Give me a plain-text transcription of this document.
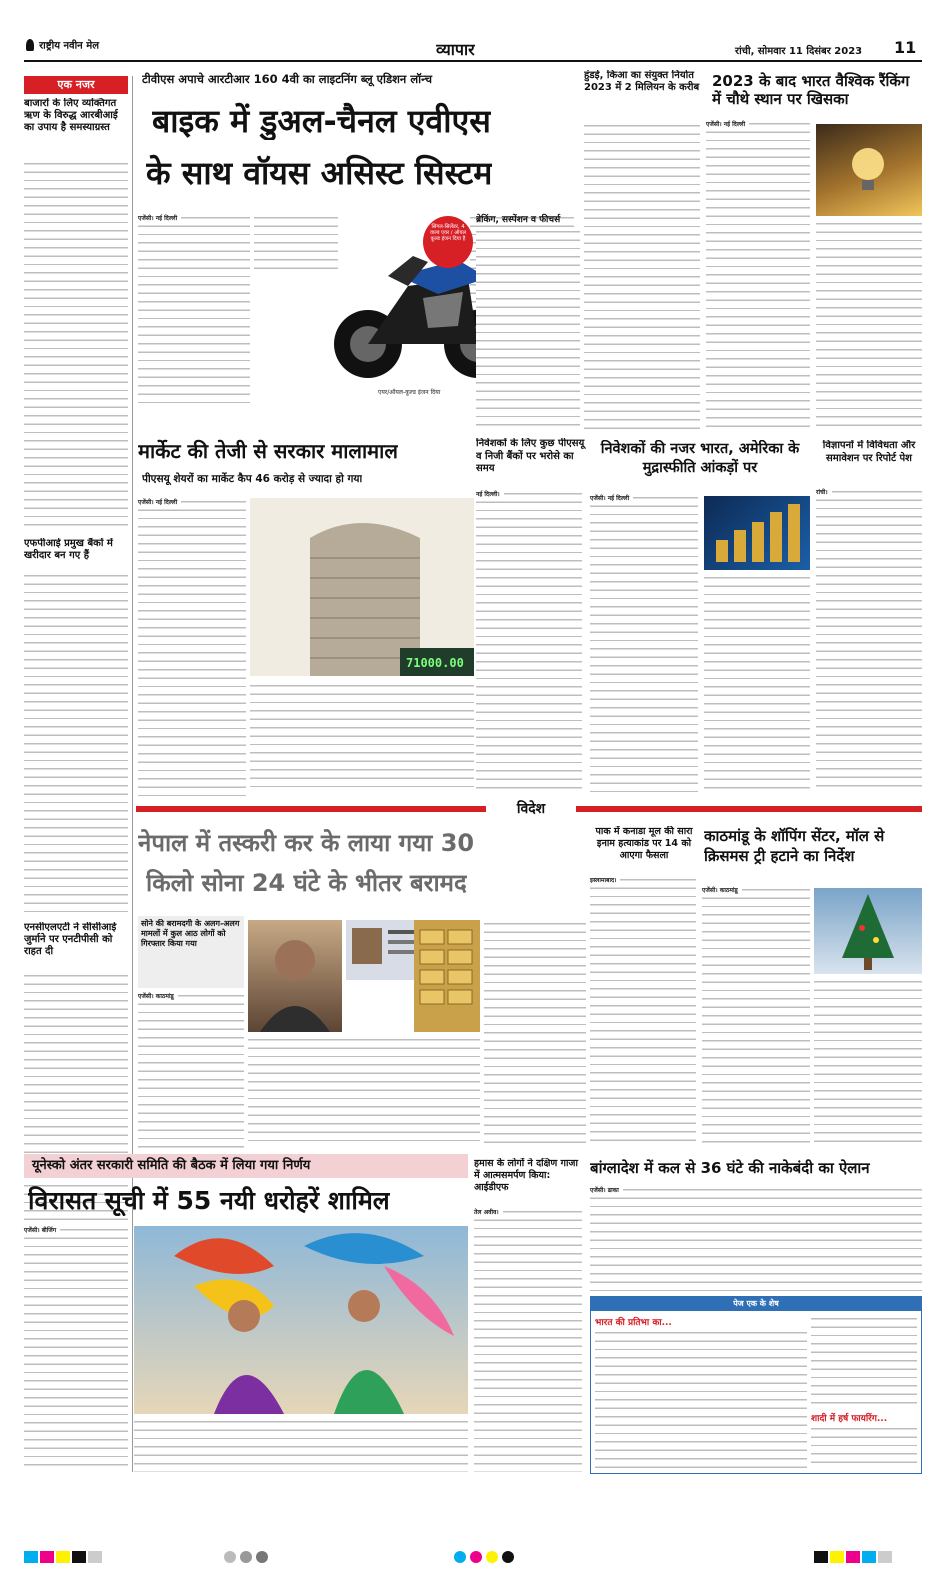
राष्ट्रीय नवीन मेल	व्यापार	रांची, सोमवार 11 दिसंबर 2023 11
एक नजर
बाजारों के लिए व्यक्तिगत ऋण के विरुद्ध आरबीआई का उपाय है समस्याग्रस्त
एफपीआई प्रमुख बैंकों में खरीदार बन गए हैं
एनसीएलएटी ने सीसीआई जुर्माने पर एनटीपीसी को राहत दी
टीवीएस अपाचे आरटीआर 160 4वी का लाइटनिंग ब्लू एडिशन लॉन्च
बाइक में डुअल-चैनल एवीएस
के साथ वॉयस असिस्ट सिस्टम
एजेंसी। नई दिल्ली
सिंगल-सिलेंडर, 4 वाल्व एयर / ऑयल कूल्ड इंजन दिया है
एयर/ऑयल-कूल्ड इंजन दिया
हुंडई, किआ का संयुक्त निर्यात 2023 में 2 मिलियन के करीब
ब्रेकिंग, सस्पेंशन व फीचर्स
2023 के बाद भारत वैश्विक रैंकिंग में चौथे स्थान पर खिसका
एजेंसी। नई दिल्ली
मार्केट की तेजी से सरकार मालामाल
पीएसयू शेयरों का मार्केट कैप 46 करोड़ से ज्यादा हो गया
एजेंसी। नई दिल्ली
71000.00
निवेशकों के लिए कुछ पीएसयू व निजी बैंकों पर भरोसे का समय
नई दिल्ली।
निवेशकों की नजर भारत, अमेरिका के मुद्रास्फीति आंकड़ों पर
एजेंसी। नई दिल्ली
विज्ञापनों में विविधता और समावेशन पर रिपोर्ट पेश
रांची।
विदेश
नेपाल में तस्करी कर के लाया गया 30
किलो सोना 24 घंटे के भीतर बरामद
सोने की बरामदगी के अलग-अलग मामलों में कुल आठ लोगों को गिरफ्तार किया गया
एजेंसी। काठमांडू
पाक में कनाडा मूल की सारा इनाम हत्याकांड पर 14 को आएगा फैसला
इस्लामाबाद।
काठमांडू के शॉपिंग सेंटर, मॉल से क्रिसमस ट्री हटाने का निर्देश
एजेंसी। काठमांडू
यूनेस्को अंतर सरकारी समिति की बैठक में लिया गया निर्णय
विरासत सूची में 55 नयी धरोहरें शामिल
एजेंसी। बीजिंग
हमास के लोगों ने दक्षिण गाजा में आत्मसमर्पण किया: आईडीएफ
तेल अवीव।
बांग्लादेश में कल से 36 घंटे की नाकेबंदी का ऐलान
एजेंसी। ढाका
पेज एक के शेष
भारत की प्रतिभा का...
शादी में हर्ष फायरिंग...
